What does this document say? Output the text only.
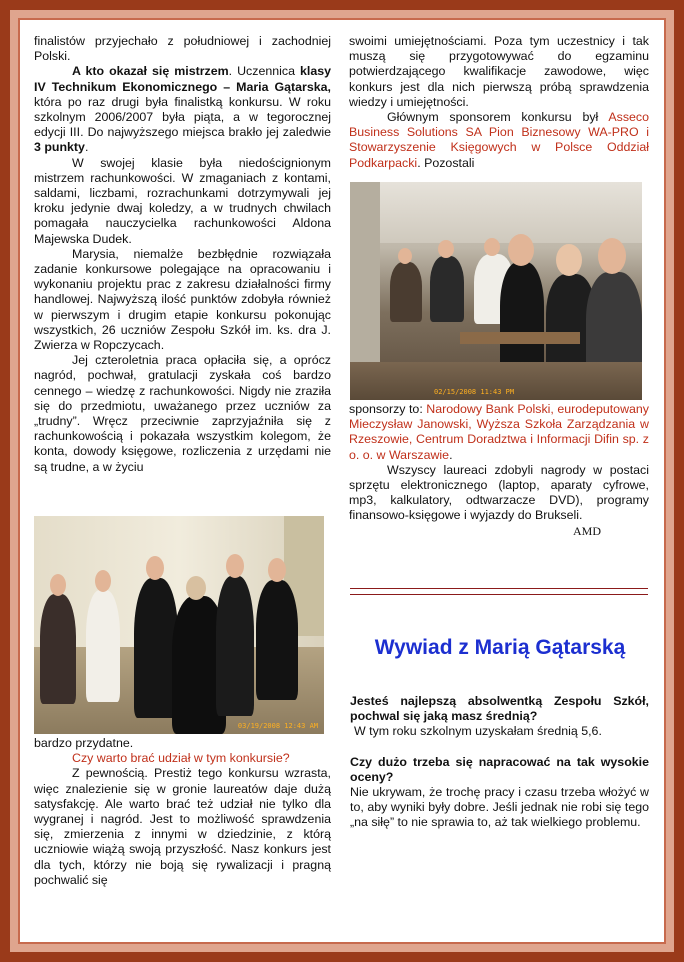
finalistów przyjechało z południowej i zachodniej Polski.

A kto okazał się mistrzem. Uczennica klasy IV Technikum Ekonomicznego – Maria Gątarska, która po raz drugi była finalistką konkursu. W roku szkolnym 2006/2007 była piąta, a w tegorocznej edycji III. Do najwyższego miejsca brakło jej zaledwie 3 punkty.

W swojej klasie była niedoścignionym mistrzem rachunkowości. W zmaganiach z kontami, saldami, liczbami, rozrachunkami dotrzymywali jej kroku jedynie dwaj koledzy, a w trudnych chwilach pomagała nauczycielka rachunkowości Aldona Majewska Dudek.

Marysia, niemalże bezbłędnie rozwiązała zadanie konkursowe polegające na opracowaniu i wykonaniu projektu prac z zakresu działalności firmy handlowej. Najwyższą ilość punktów zdobyła również w pierwszym i drugim etapie konkursu pokonując wszystkich, 26 uczniów Zespołu Szkół im. ks. dra J. Zwierza w Ropczycach.

Jej czteroletnia praca opłaciła się, a oprócz nagród, pochwał, gratulacji zyskała coś bardzo cennego – wiedzę z rachunkowości. Nigdy nie zraziła się do przedmiotu, uważanego przez uczniów za „trudny”. Wręcz przeciwnie zaprzyjaźniła się z rachunkowością i pokazała wszystkim kolegom, że konta, dowody księgowe, rozliczenia z urzędami nie są trudne, a w życiu

03/19/2008 12:43 AM

bardzo przydatne.

Czy warto brać udział w tym konkursie?

Z pewnością. Prestiż tego konkursu wzrasta, więc znalezienie się w gronie laureatów daje dużą satysfakcję. Ale warto brać też udział nie tylko dla wygranej i nagród. Jest to możliwość sprawdzenia się, zmierzenia z innymi w dziedzinie, z którą uczniowie wiążą swoją przyszłość. Nasz konkurs jest dla tych, którzy nie boją się rywalizacji i pragną pochwalić się

swoimi umiejętnościami. Poza tym uczestnicy i tak muszą się przygotowywać do egzaminu potwierdzającego kwalifikacje zawodowe, więc konkurs jest dla nich pierwszą próbą sprawdzenia wiedzy i umiejętności.

Głównym sponsorem konkursu był Asseco Business Solutions SA Pion Biznesowy WA-PRO i Stowarzyszenie Księgowych w Polsce Oddział Podkarpacki. Pozostali

02/15/2008 11:43 PM

sponsorzy to: Narodowy Bank Polski, eurodeputowany Mieczysław Janowski, Wyższa Szkoła Zarządzania w Rzeszowie, Centrum Doradztwa i Informacji Difin sp. z o. o. w Warszawie.

Wszyscy laureaci zdobyli nagrody w postaci sprzętu elektronicznego (laptop, aparaty cyfrowe, mp3, kalkulatory, odtwarzacze DVD), programy finansowo-księgowe i wyjazdy do Brukseli.

AMD

Wywiad z Marią Gątarską

Jesteś najlepszą absolwentką Zespołu Szkół, pochwal się jaką masz średnią?

W tym roku szkolnym uzyskałam średnią 5,6.

Czy dużo trzeba się napracować na tak wysokie oceny?

Nie ukrywam, że trochę pracy i czasu trzeba włożyć w to, aby wyniki były dobre. Jeśli jednak nie robi się tego „na siłę” to nie sprawia to, aż tak wielkiego problemu.
